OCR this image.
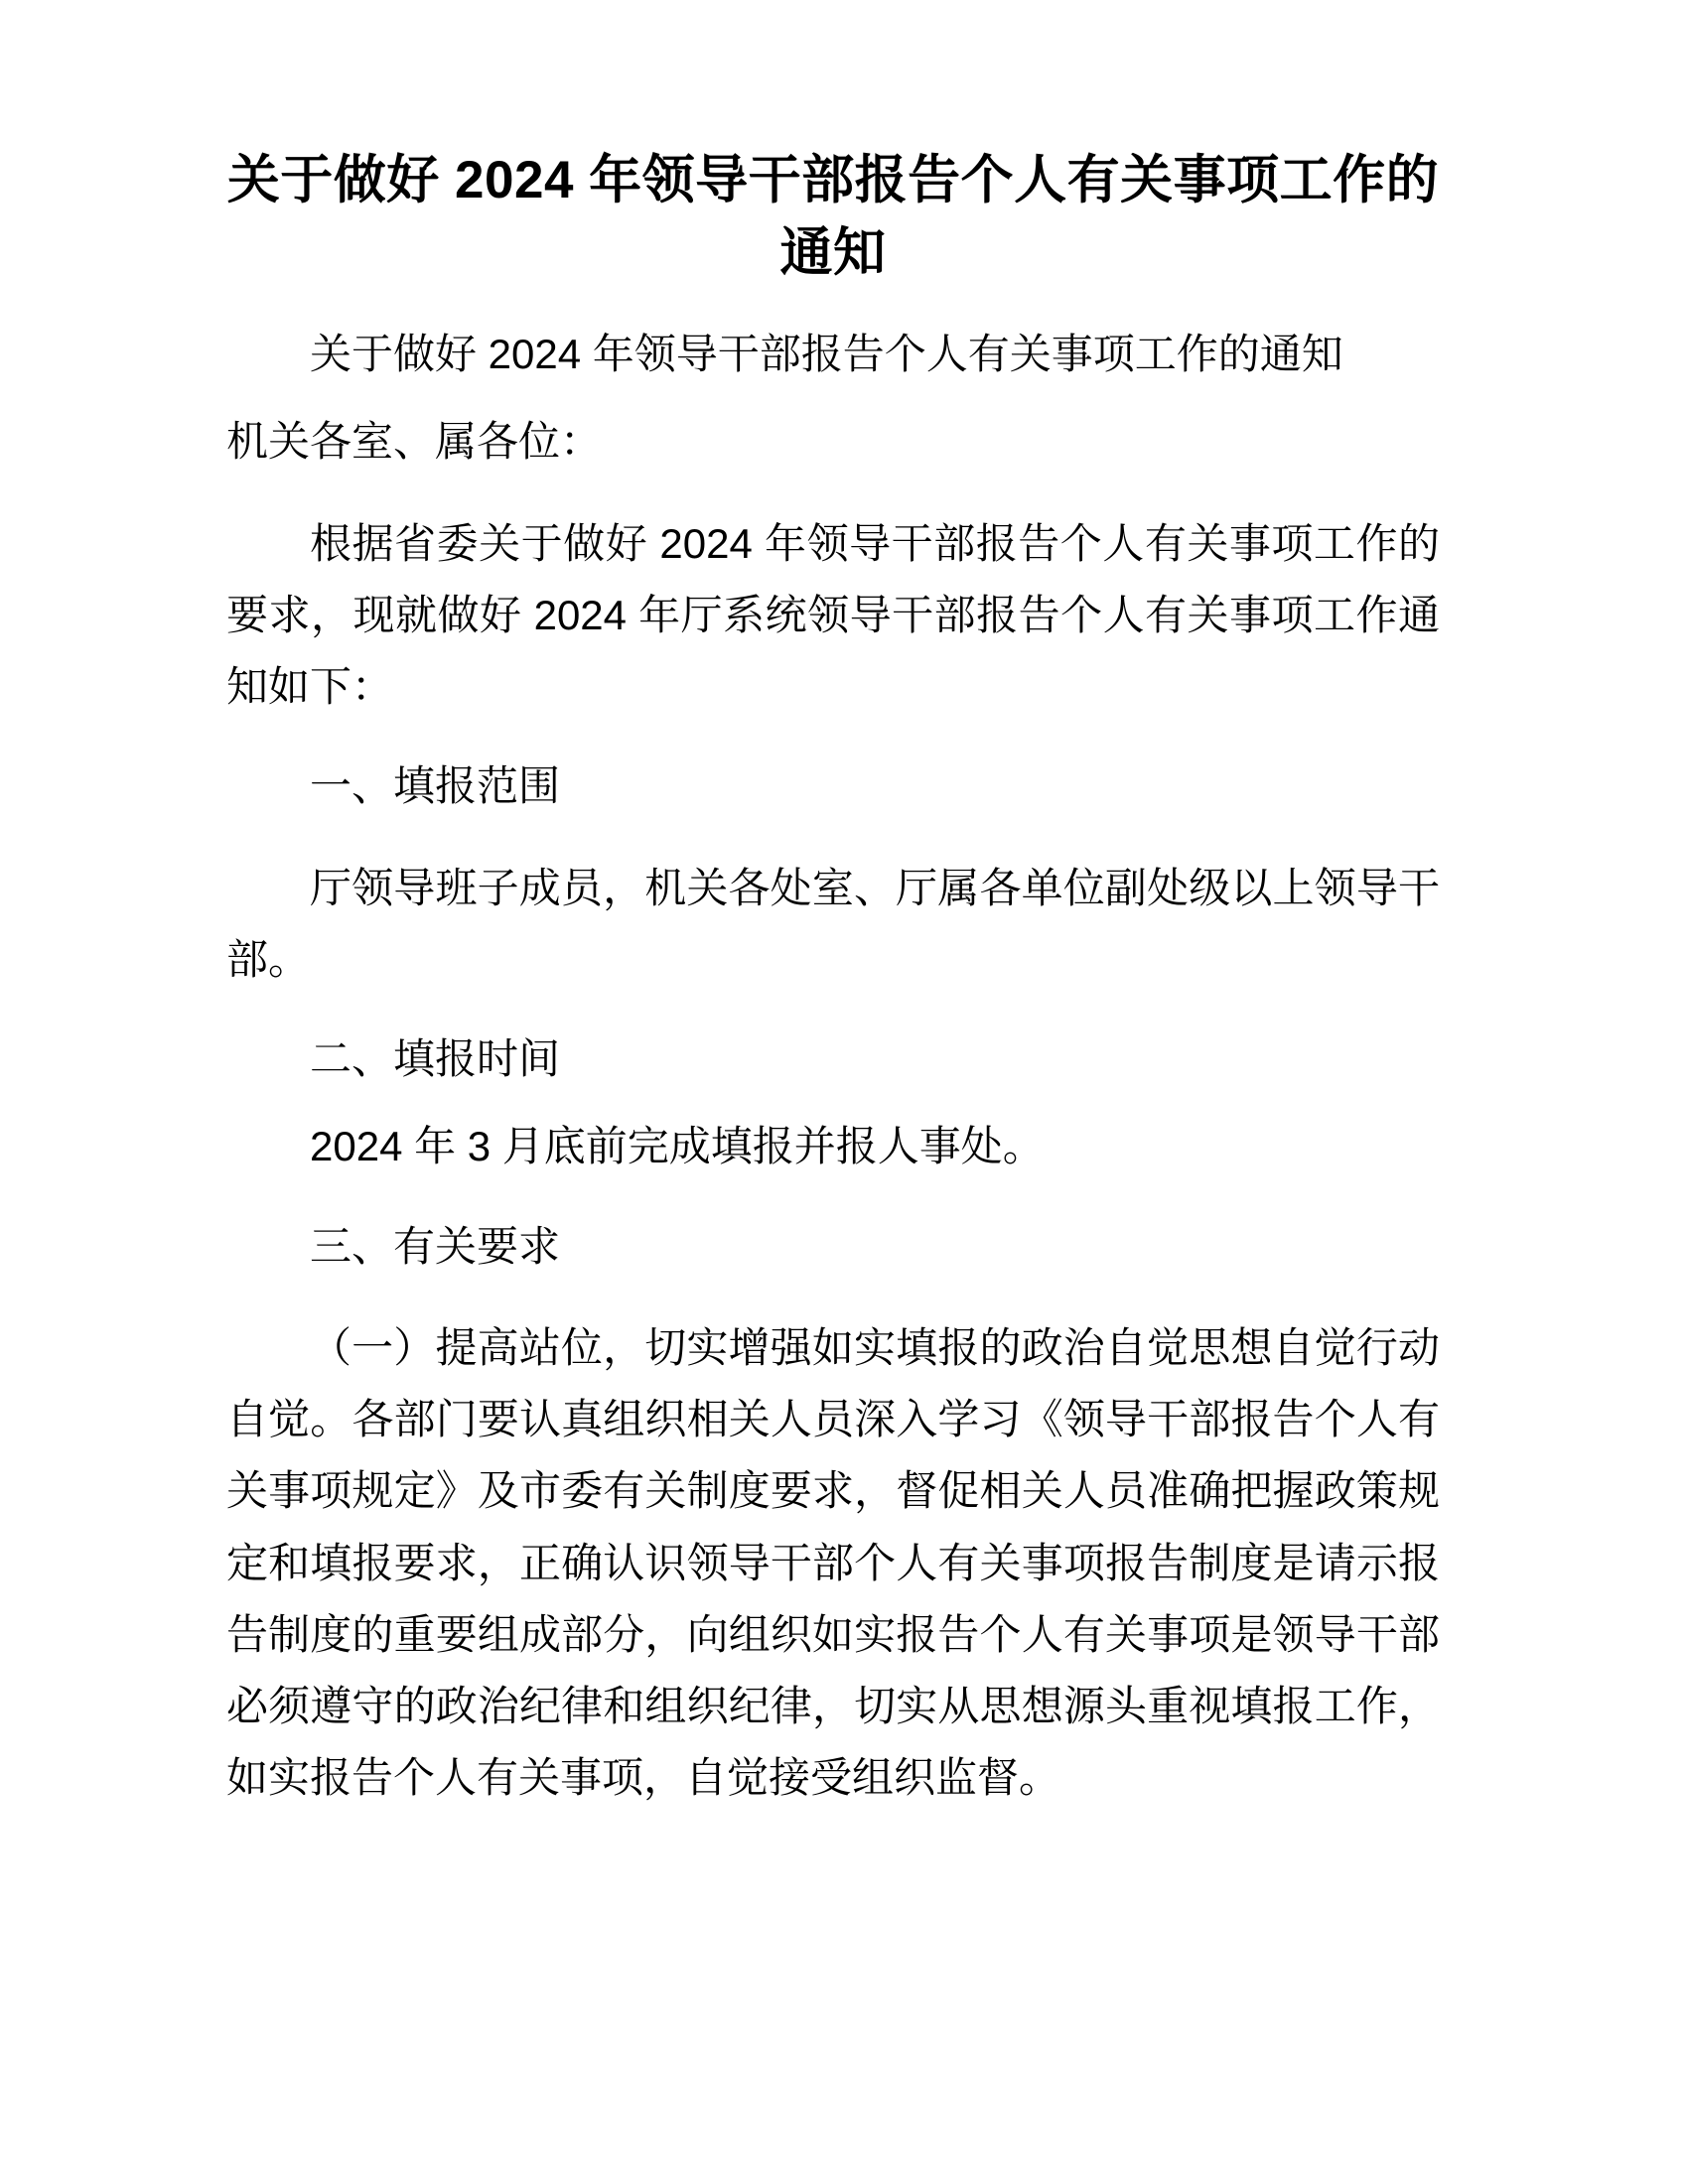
关于做好 2024 年领导干部报告个人有关事项工作的通知

关于做好 2024 年领导干部报告个人有关事项工作的通知

机关各室、属各位：

根据省委关于做好 2024 年领导干部报告个人有关事项工作的要求，现就做好 2024 年厅系统领导干部报告个人有关事项工作通知如下：

一、填报范围

厅领导班子成员，机关各处室、厅属各单位副处级以上领导干部。

二、填报时间

2024 年 3 月底前完成填报并报人事处。

三、有关要求

（一）提高站位，切实增强如实填报的政治自觉思想自觉行动自觉。各部门要认真组织相关人员深入学习《领导干部报告个人有关事项规定》及市委有关制度要求，督促相关人员准确把握政策规定和填报要求，正确认识领导干部个人有关事项报告制度是请示报告制度的重要组成部分，向组织如实报告个人有关事项是领导干部必须遵守的政治纪律和组织纪律，切实从思想源头重视填报工作，如实报告个人有关事项，自觉接受组织监督。
